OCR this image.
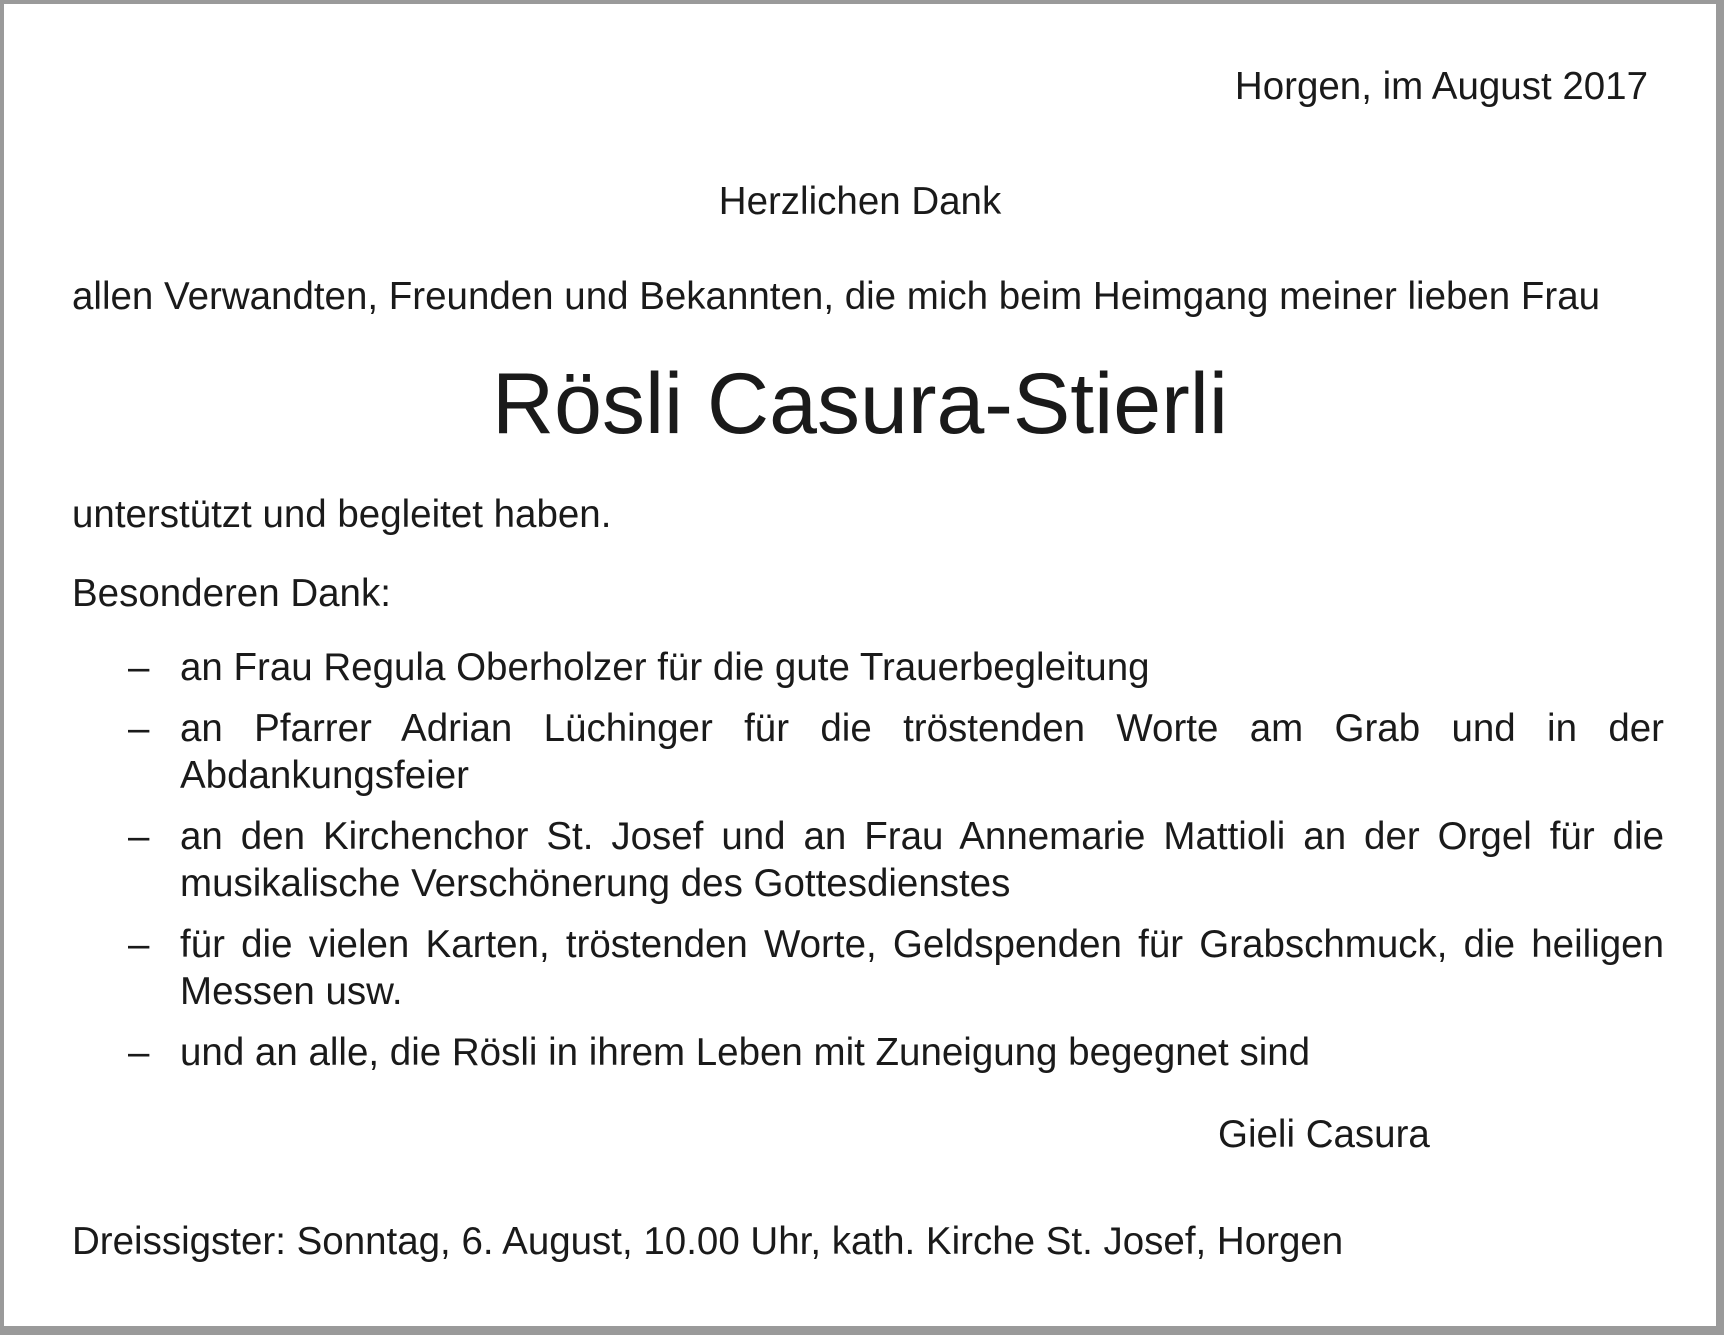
Horgen, im August 2017
Herzlichen Dank
allen Verwandten, Freunden und Bekannten, die mich beim Heimgang meiner lieben Frau
Rösli Casura-Stierli
unterstützt und begleitet haben.
Besonderen Dank:
– an Frau Regula Oberholzer für die gute Trauerbegleitung
– an Pfarrer Adrian Lüchinger für die tröstenden Worte am Grab und in der Abdankungsfeier
– an den Kirchenchor St. Josef und an Frau Annemarie Mattioli an der Orgel für die musikalische Verschönerung des Gottesdienstes
– für die vielen Karten, tröstenden Worte, Geldspenden für Grabschmuck, die heiligen Messen usw.
– und an alle, die Rösli in ihrem Leben mit Zuneigung begegnet sind
Gieli Casura
Dreissigster: Sonntag, 6. August, 10.00 Uhr, kath. Kirche St. Josef, Horgen
